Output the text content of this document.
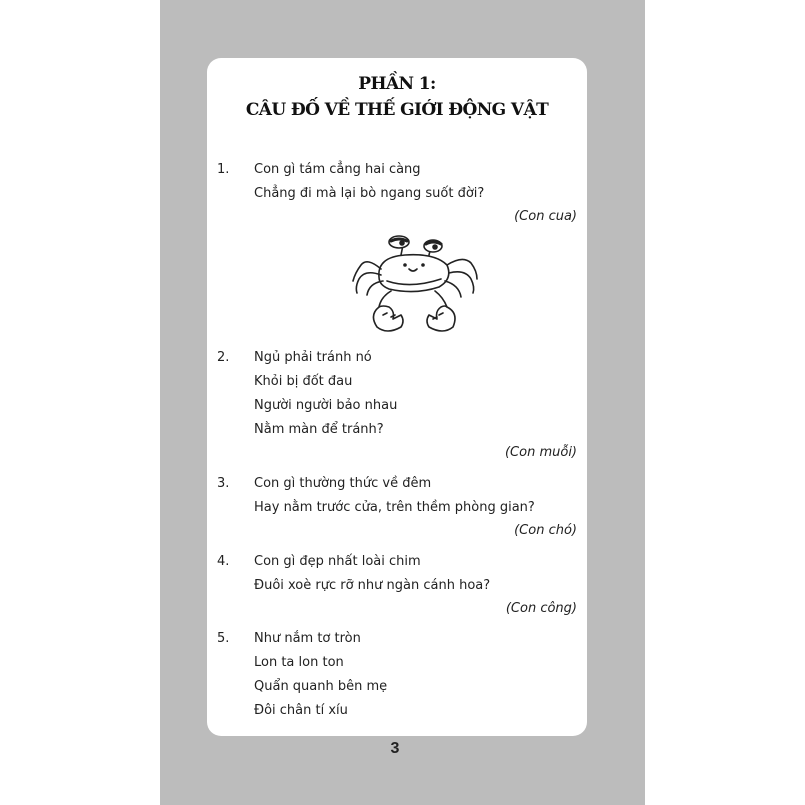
PHẦN 1:
CÂU ĐỐ VỀ THẾ GIỚI ĐỘNG VẬT
1. Con gì tám cẳng hai càng
Chẳng đi mà lại bò ngang suốt đời?
(Con cua)
2. Ngủ phải tránh nó
Khỏi bị đốt đau
Người người bảo nhau
Nằm màn để tránh?
(Con muỗi)
3. Con gì thường thức về đêm
Hay nằm trước cửa, trên thềm phòng gian?
(Con chó)
4. Con gì đẹp nhất loài chim
Đuôi xoè rực rỡ như ngàn cánh hoa?
(Con công)
5. Như nắm tơ tròn
Lon ta lon ton
Quẩn quanh bên mẹ
Đôi chân tí xíu
3
